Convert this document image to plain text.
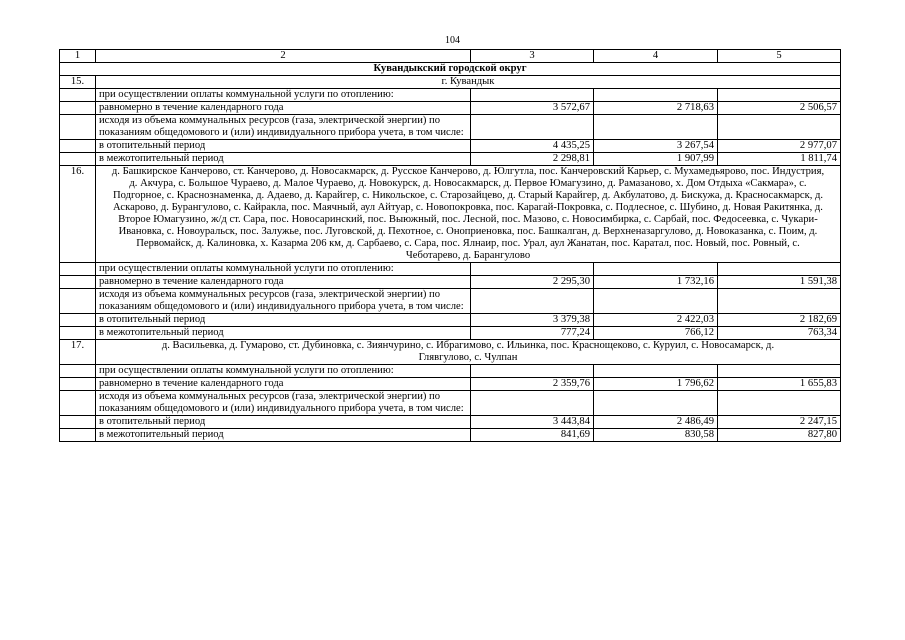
104
1	2	3	4	5
Кувандыкский городской округ				
15.	г. Кувандык			
	при осуществлении оплаты коммунальной услуги по отоплению:			
	равномерно в течение календарного года	3 572,67	2 718,63	2 506,57
	исходя из объема коммунальных ресурсов (газа, электрической энергии) по показаниям общедомового и (или) индивидуального прибора учета, в том числе:			
	в отопительный период	4 435,25	3 267,54	2 977,07
	в межотопительный период	2 298,81	1 907,99	1 811,74
16.	д. Башкирское Канчерово, ст. Канчерово, д. Новосакмарск, д. Русское Канчерово, д. Юлгутла, пос. Канчеровский Карьер, с. Мухамедьярово, пос. Индустрия, д. Акчура, с. Большое Чураево, д. Малое Чураево, д. Новокурск, д. Новосакмарск, д. Первое Юмагузино, д. Рамазаново, х. Дом Отдыха «Сакмара», с. Подгорное, с. Краснознаменка, д. Адаево, д. Карайгер, с. Никольское, с. Старозайцево, д. Старый Карайгер, д. Акбулатово, д. Бискужа, д. Красносакмарск, д. Аскарово, д. Бурангулово, с. Кайракла, пос. Маячный, аул Айтуар, с. Новопокровка, пос. Карагай-Покровка, с. Подлесное, с. Шубино, д. Новая Ракитянка, д. Второе Юмагузино, ж/д ст. Сара, пос. Новосаринский, пос. Выюжный, пос. Лесной, пос. Мазово, с. Новосимбирка, с. Сарбай, пос. Федосеевка, с. Чукари-Ивановка, с. Новоуральск, пос. Залужье, пос. Луговской, д. Пехотное, с. Оноприеновка, пос. Башкалган, д. Верхненазаргулово, д. Новоказанка, с. Поим, д. Первомайск, д. Калиновка, х. Казарма 206 км, д. Сарбаево, с. Сара, пос. Ялнаир, пос. Урал, аул Жанатан, пос. Каратал, пос. Новый, пос. Ровный, с. Чеботарево, д. Барангулово			
	при осуществлении оплаты коммунальной услуги по отоплению:			
	равномерно в течение календарного года	2 295,30	1 732,16	1 591,38
	исходя из объема коммунальных ресурсов (газа, электрической энергии) по показаниям общедомового и (или) индивидуального прибора учета, в том числе:			
	в отопительный период	3 379,38	2 422,03	2 182,69
	в межотопительный период	777,24	766,12	763,34
17.	д. Васильевка, д. Гумарово, ст. Дубиновка, с. Зиянчурино, с. Ибрагимово, с. Ильинка, пос. Краснощеково, с. Куруил, с. Новосамарск, д. Глявгулово, с. Чулпан			
	при осуществлении оплаты коммунальной услуги по отоплению:			
	равномерно в течение календарного года	2 359,76	1 796,62	1 655,83
	исходя из объема коммунальных ресурсов (газа, электрической энергии) по показаниям общедомового и (или) индивидуального прибора учета, в том числе:			
	в отопительный период	3 443,84	2 486,49	2 247,15
	в межотопительный период	841,69	830,58	827,80
